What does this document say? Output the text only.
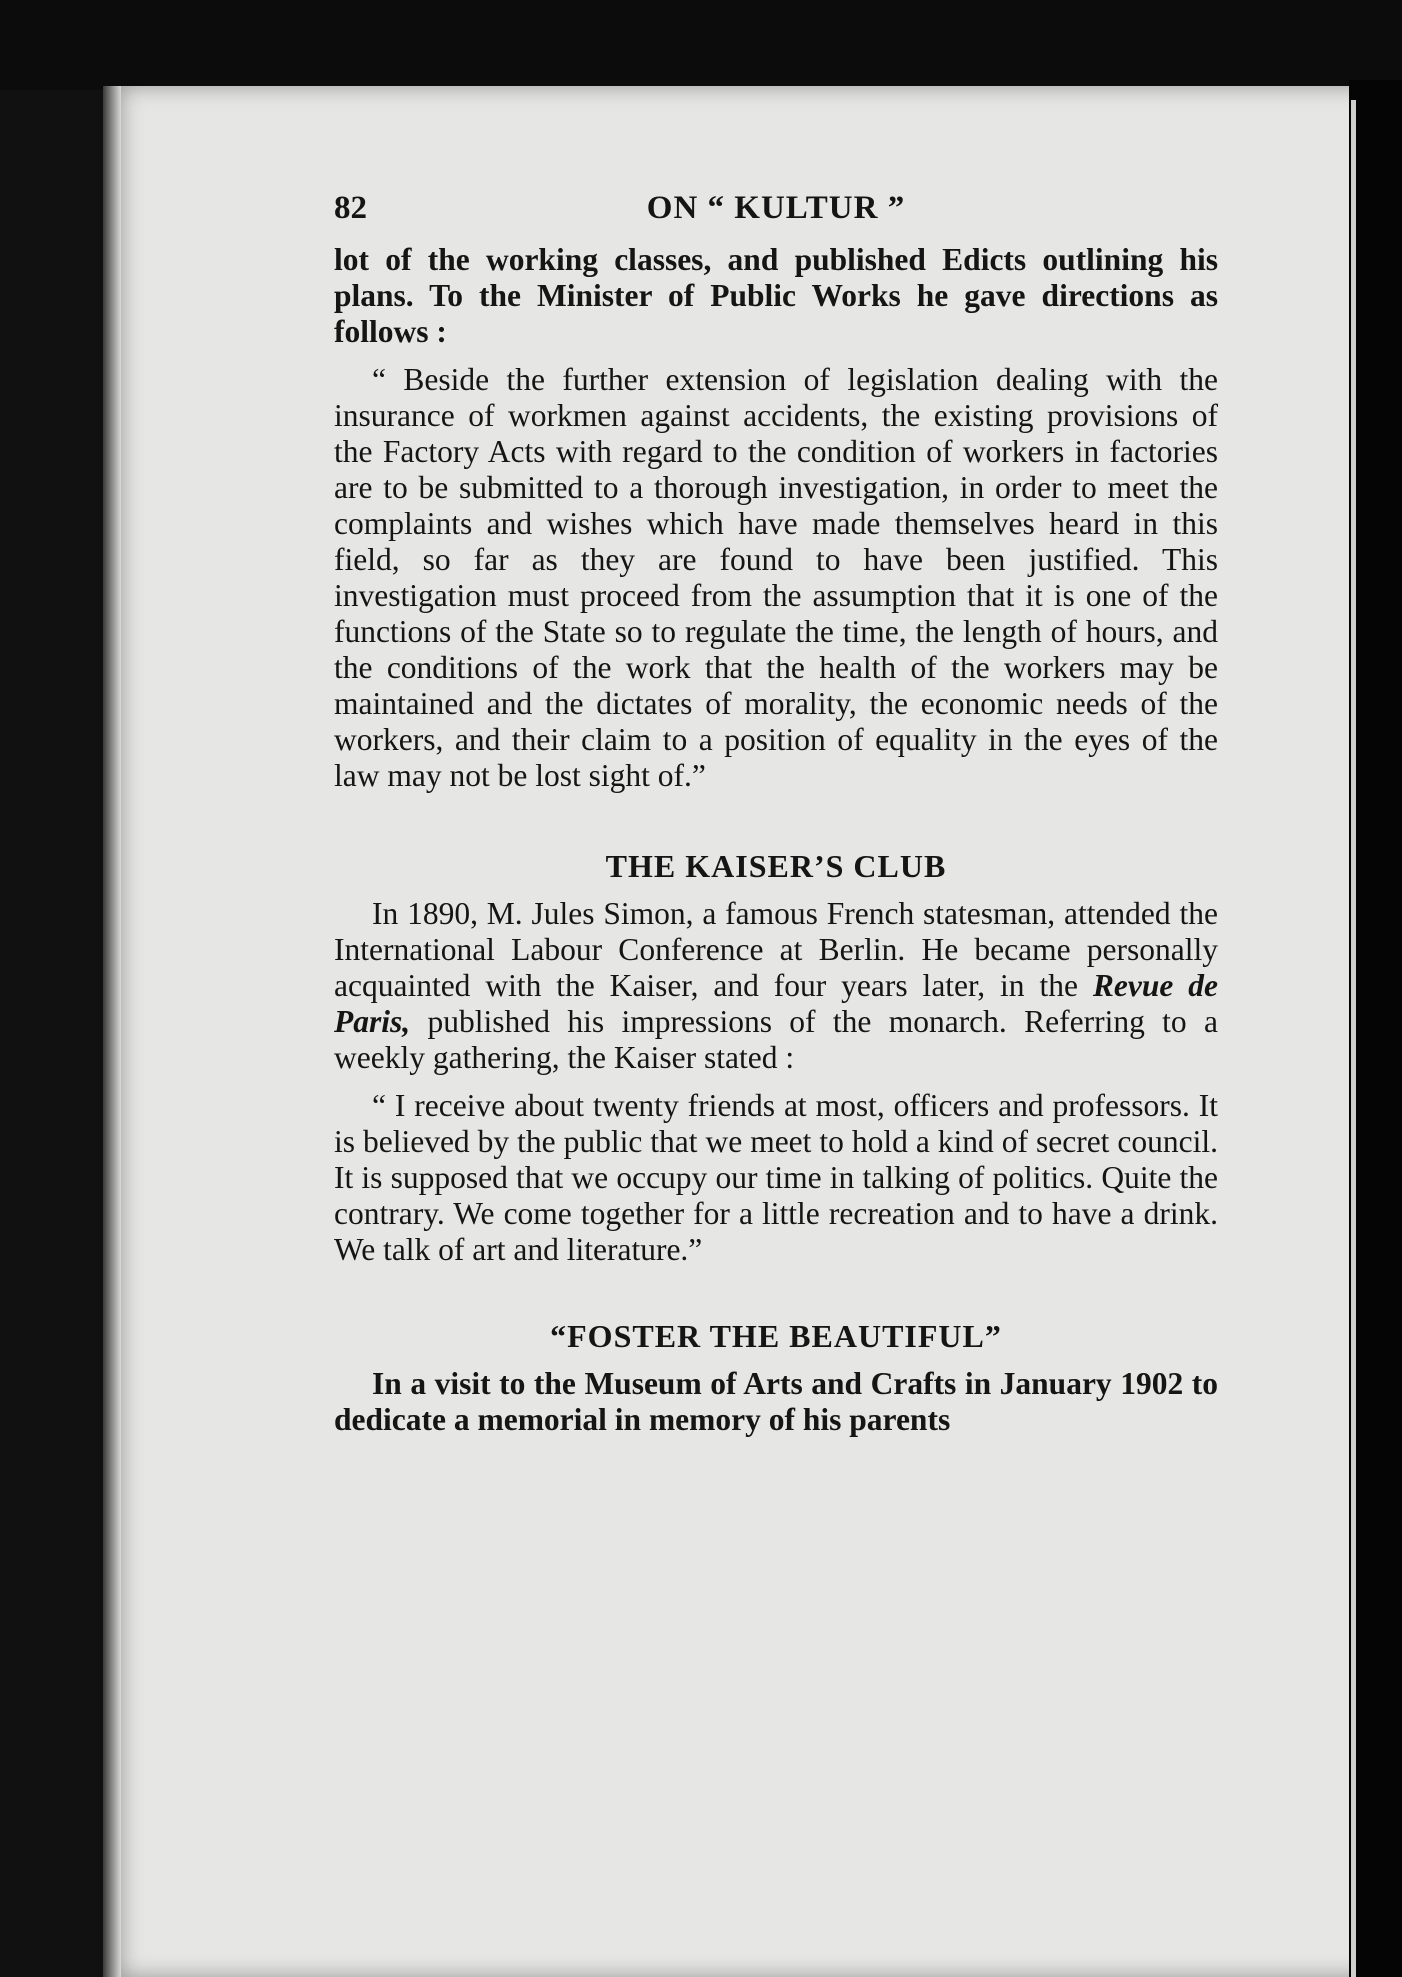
82	ON “ KULTUR ”

lot of the working classes, and published Edicts outlining his plans. To the Minister of Public Works he gave directions as follows :

“ Beside the further extension of legislation dealing with the insurance of workmen against accidents, the existing provisions of the Factory Acts with regard to the condition of workers in factories are to be submitted to a thorough investigation, in order to meet the complaints and wishes which have made themselves heard in this field, so far as they are found to have been justified. This investigation must proceed from the assumption that it is one of the functions of the State so to regulate the time, the length of hours, and the conditions of the work that the health of the workers may be maintained and the dictates of morality, the economic needs of the workers, and their claim to a position of equality in the eyes of the law may not be lost sight of.”

THE KAISER’S CLUB

In 1890, M. Jules Simon, a famous French statesman, attended the International Labour Conference at Berlin. He became personally acquainted with the Kaiser, and four years later, in the Revue de Paris, published his impressions of the monarch. Referring to a weekly gathering, the Kaiser stated :

“ I receive about twenty friends at most, officers and professors. It is believed by the public that we meet to hold a kind of secret council. It is supposed that we occupy our time in talking of politics. Quite the contrary. We come together for a little recreation and to have a drink. We talk of art and literature.”

“FOSTER THE BEAUTIFUL”

In a visit to the Museum of Arts and Crafts in January 1902 to dedicate a memorial in memory of his parents
